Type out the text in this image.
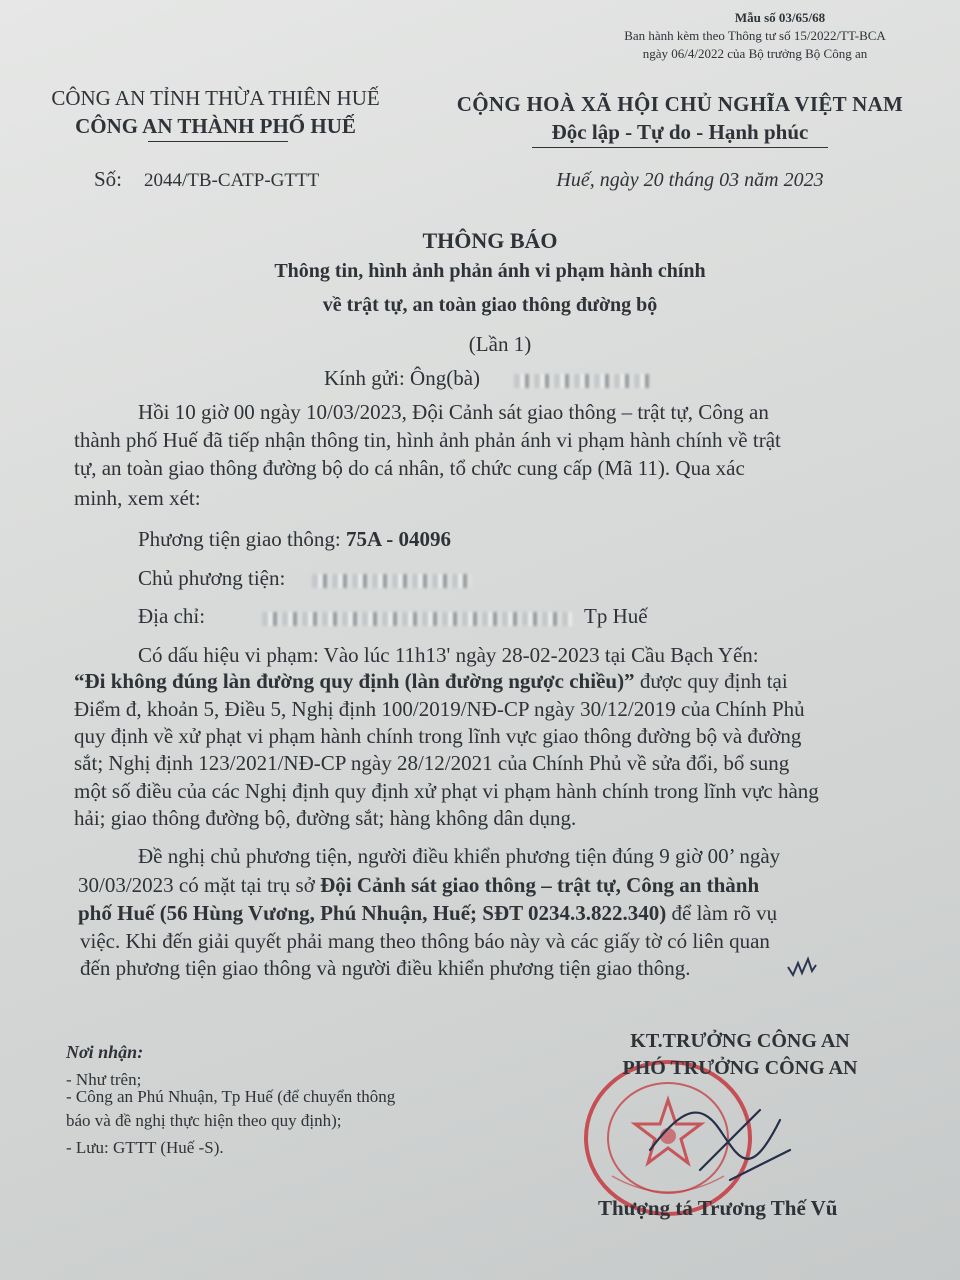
Mẫu số 03/65/68
Ban hành kèm theo Thông tư số 15/2022/TT-BCA
ngày 06/4/2022 của Bộ trưởng Bộ Công an
CÔNG AN TỈNH THỪA THIÊN HUẾ
CÔNG AN THÀNH PHỐ HUẾ
Số: 2044/TB-CATP-GTTT
CỘNG HOÀ XÃ HỘI CHỦ NGHĨA VIỆT NAM
Độc lập - Tự do - Hạnh phúc
Huế, ngày 20 tháng 03 năm 2023
THÔNG BÁO
Thông tin, hình ảnh phản ánh vi phạm hành chính
về trật tự, an toàn giao thông đường bộ
(Lần 1)
Kính gửi: Ông(bà)
Hồi 10 giờ 00 ngày 10/03/2023, Đội Cảnh sát giao thông – trật tự, Công an
thành phố Huế đã tiếp nhận thông tin, hình ảnh phản ánh vi phạm hành chính về trật
tự, an toàn giao thông đường bộ do cá nhân, tổ chức cung cấp (Mã 11). Qua xác
minh, xem xét:
Phương tiện giao thông: 75A - 04096
Chủ phương tiện:
Địa chỉ:	Tp Huế
Có dấu hiệu vi phạm: Vào lúc 11h13' ngày 28-02-2023 tại Cầu Bạch Yến:
“Đi không đúng làn đường quy định (làn đường ngược chiều)” được quy định tại
Điểm đ, khoản 5, Điều 5, Nghị định 100/2019/NĐ-CP ngày 30/12/2019 của Chính Phủ
quy định về xử phạt vi phạm hành chính trong lĩnh vực giao thông đường bộ và đường
sắt; Nghị định 123/2021/NĐ-CP ngày 28/12/2021 của Chính Phủ về sửa đổi, bổ sung
một số điều của các Nghị định quy định xử phạt vi phạm hành chính trong lĩnh vực hàng
hải; giao thông đường bộ, đường sắt; hàng không dân dụng.
Đề nghị chủ phương tiện, người điều khiển phương tiện đúng 9 giờ 00’ ngày
30/03/2023 có mặt tại trụ sở Đội Cảnh sát giao thông – trật tự, Công an thành
phố Huế (56 Hùng Vương, Phú Nhuận, Huế; SĐT 0234.3.822.340) để làm rõ vụ
việc. Khi đến giải quyết phải mang theo thông báo này và các giấy tờ có liên quan
đến phương tiện giao thông và người điều khiển phương tiện giao thông.
Nơi nhận:
- Như trên;
- Công an Phú Nhuận, Tp Huế (để chuyển thông
báo và đề nghị thực hiện theo quy định);
- Lưu: GTTT (Huế -S).
KT.TRƯỞNG CÔNG AN
PHÓ TRƯỞNG CÔNG AN
Thượng tá Trương Thế Vũ
